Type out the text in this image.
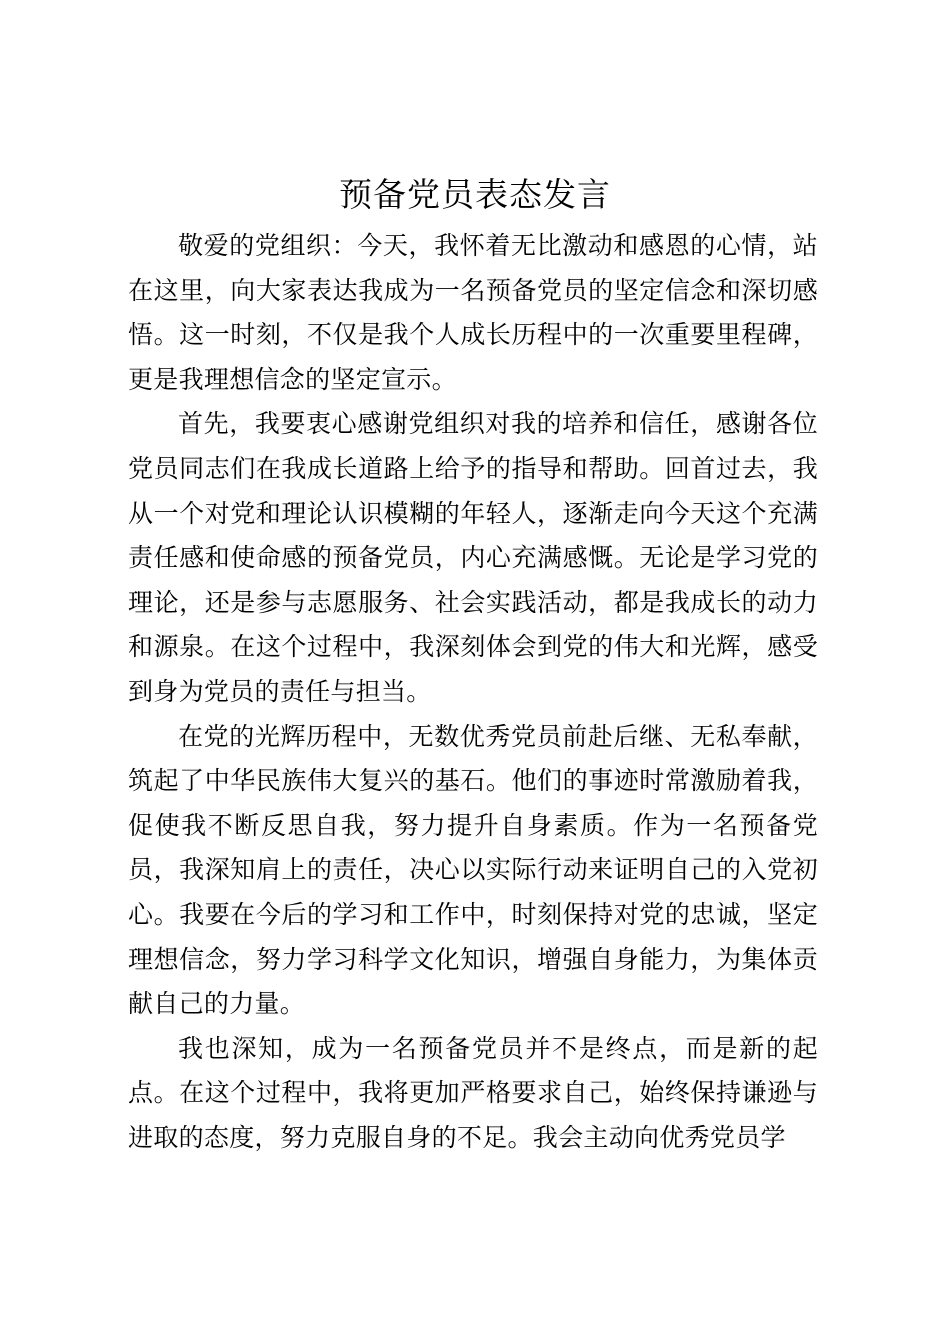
预备党员表态发言

敬爱的党组织：今天，我怀着无比激动和感恩的心情，站在这里，向大家表达我成为一名预备党员的坚定信念和深切感悟。这一时刻，不仅是我个人成长历程中的一次重要里程碑，更是我理想信念的坚定宣示。

首先，我要衷心感谢党组织对我的培养和信任，感谢各位党员同志们在我成长道路上给予的指导和帮助。回首过去，我从一个对党和理论认识模糊的年轻人，逐渐走向今天这个充满责任感和使命感的预备党员，内心充满感慨。无论是学习党的理论，还是参与志愿服务、社会实践活动，都是我成长的动力和源泉。在这个过程中，我深刻体会到党的伟大和光辉，感受到身为党员的责任与担当。

在党的光辉历程中，无数优秀党员前赴后继、无私奉献，筑起了中华民族伟大复兴的基石。他们的事迹时常激励着我，促使我不断反思自我，努力提升自身素质。作为一名预备党员，我深知肩上的责任，决心以实际行动来证明自己的入党初心。我要在今后的学习和工作中，时刻保持对党的忠诚，坚定理想信念，努力学习科学文化知识，增强自身能力，为集体贡献自己的力量。

我也深知，成为一名预备党员并不是终点，而是新的起点。在这个过程中，我将更加严格要求自己，始终保持谦逊与进取的态度，努力克服自身的不足。我会主动向优秀党员学
